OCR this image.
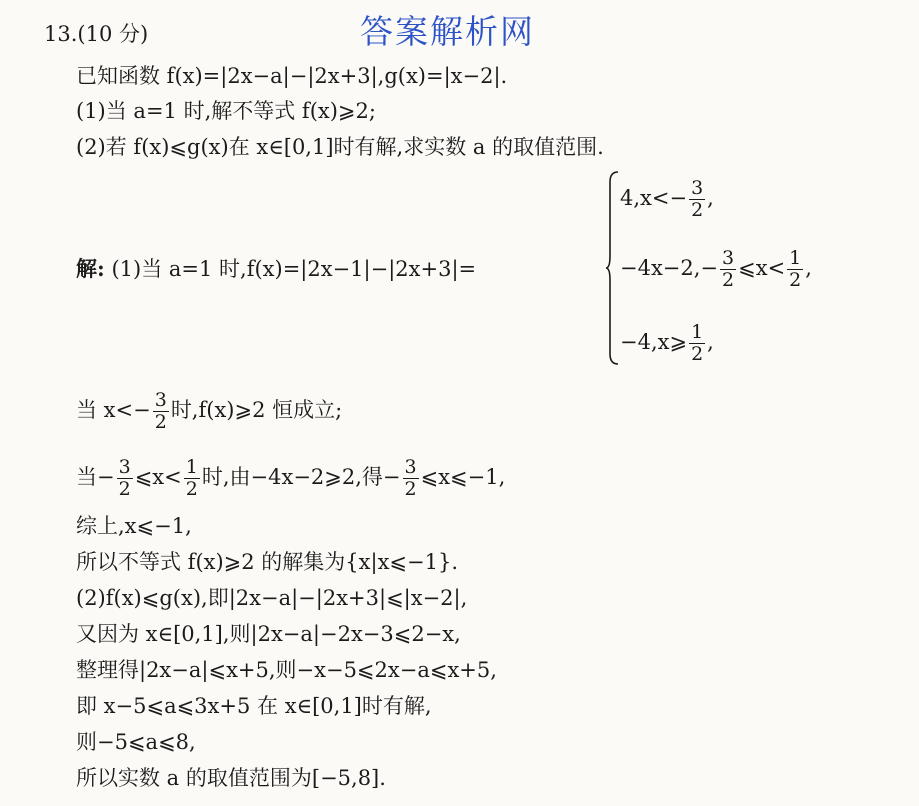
13.(10 分)	答案解析网
已知函数 f(x)=|2x−a|−|2x+3|,g(x)=|x−2|.
(1)当 a=1 时,解不等式 f(x)⩾2;
(2)若 f(x)⩽g(x)在 x∈[0,1]时有解,求实数 a 的取值范围.
解: (1)当 a=1 时,f(x)=|2x−1|−|2x+3|=
$4,x<- \frac{3}{2}$ ,
$-4x-2,- \frac{3}{2}$ ⩽x< $\frac{1}{2}$ ,
−4,x⩾ $\frac{1}{2}$ ,
当 $x<- \frac{3}{2}$ 时,f(x)⩾2 恒成立;
当− $\frac{3}{2}$ ⩽x< $\frac{1}{2}$ 时,由−4x−2⩾2,得− $\frac{3}{2}$ ⩽x⩽−1,
综上,x⩽−1,
所以不等式 f(x)⩾2 的解集为{x|x⩽−1}.
(2)f(x)⩽g(x),即|2x−a|−|2x+3|⩽|x−2|,
又因为 x∈[0,1],则|2x−a|−2x−3⩽2−x,
整理得|2x−a|⩽x+5,则−x−5⩽2x−a⩽x+5,
即 x−5⩽a⩽3x+5 在 x∈[0,1]时有解,
则−5⩽a⩽8,
所以实数 a 的取值范围为[−5,8].
